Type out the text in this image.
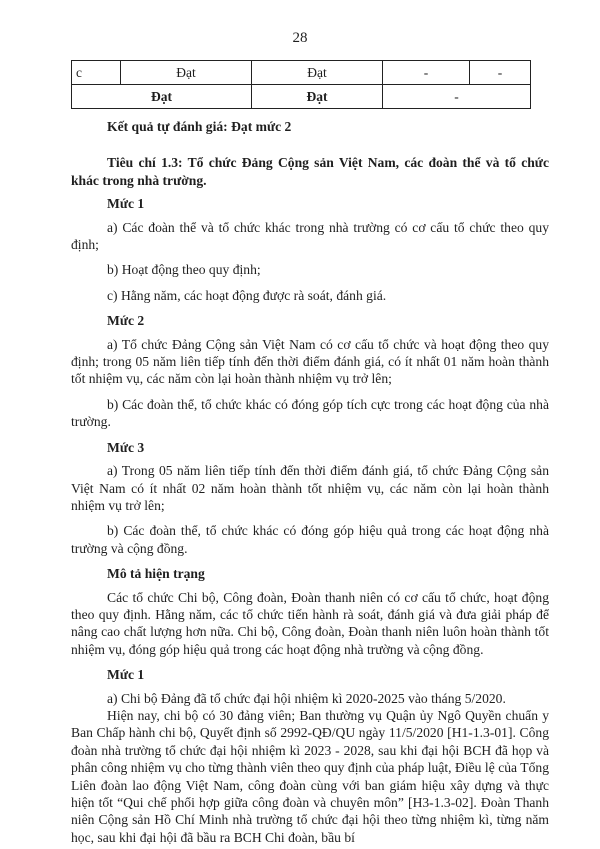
28
c	Đạt	Đạt	-	-
Đạt		Đạt	-	

Kết quả tự đánh giá: Đạt mức 2

Tiêu chí 1.3: Tổ chức Đảng Cộng sản Việt Nam, các đoàn thể và tổ chức khác trong nhà trường.

Mức 1

a) Các đoàn thể và tổ chức khác trong nhà trường có cơ cấu tổ chức theo quy định;

b) Hoạt động theo quy định;

c) Hằng năm, các hoạt động được rà soát, đánh giá.

Mức 2

a) Tổ chức Đảng Cộng sản Việt Nam có cơ cấu tổ chức và hoạt động theo quy định; trong 05 năm liên tiếp tính đến thời điểm đánh giá, có ít nhất 01 năm hoàn thành tốt nhiệm vụ, các năm còn lại hoàn thành nhiệm vụ trở lên;

b) Các đoàn thể, tổ chức khác có đóng góp tích cực trong các hoạt động của nhà trường.

Mức 3

a) Trong 05 năm liên tiếp tính đến thời điểm đánh giá, tổ chức Đảng Cộng sản Việt Nam có ít nhất 02 năm hoàn thành tốt nhiệm vụ, các năm còn lại hoàn thành nhiệm vụ trở lên;

b) Các đoàn thể, tổ chức khác có đóng góp hiệu quả trong các hoạt động nhà trường và cộng đồng.

Mô tả hiện trạng

Các tổ chức Chi bộ, Công đoàn, Đoàn thanh niên có cơ cấu tổ chức, hoạt động theo quy định. Hằng năm, các tổ chức tiến hành rà soát, đánh giá và đưa giải pháp để nâng cao chất lượng hơn nữa. Chi bộ, Công đoàn, Đoàn thanh niên luôn hoàn thành tốt nhiệm vụ, đóng góp hiệu quả trong các hoạt động nhà trường và cộng đồng.

Mức 1

a) Chi bộ Đảng đã tổ chức đại hội nhiệm kì 2020-2025 vào tháng 5/2020.

Hiện nay, chi bộ có 30 đảng viên; Ban thường vụ Quận ủy Ngô Quyền chuẩn y Ban Chấp hành chi bộ, Quyết định số 2992-QĐ/QU ngày 11/5/2020 [H1-1.3-01]. Công đoàn nhà trường tổ chức đại hội nhiệm kì 2023 - 2028, sau khi đại hội BCH đã họp và phân công nhiệm vụ cho từng thành viên theo quy định của pháp luật, Điều lệ của Tổng Liên đoàn lao động Việt Nam, công đoàn cùng với ban giám hiệu xây dựng và thực hiện tốt “Qui chế phối hợp giữa công đoàn và chuyên môn” [H3-1.3-02]. Đoàn Thanh niên Cộng sản Hồ Chí Minh nhà trường tổ chức đại hội theo từng nhiệm kì, từng năm học, sau khi đại hội đã bầu ra BCH Chi đoàn, bầu bí
